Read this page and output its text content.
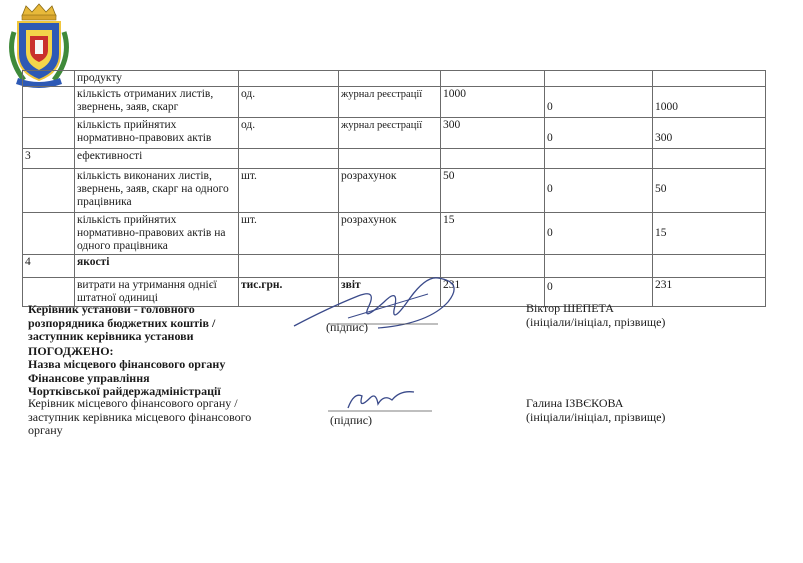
	продукту					
	кількість отриманих листів, звернень, заяв, скарг	од.	журнал реєстрації	1000	0	1000
	кількість прийнятих нормативно-правових актів	од.	журнал реєстрації	300	0	300
3	ефективності					
	кількість виконаних листів, звернень, заяв, скарг на одного працівника	шт.	розрахунок	50	0	50
	кількість прийнятих нормативно-правових актів на одного працівника	шт.	розрахунок	15	0	15
4	якості					
	витрати на утримання однієї штатної одиниці	тис.грн.	звіт	231	0	231
Керівник установи - головного
розпорядника бюджетних коштів /
заступник керівника установи
(підпис)
Віктор ШЕПЕТА
(ініціали/ініціал, прізвище)
ПОГОДЖЕНО:
Назва місцевого фінансового органу
Фінансове управління
Чортківської райдержадміністрації
Керівник місцевого фінансового органу /
заступник керівника місцевого фінансового
органу
(підпис)
Галина ІЗВЄКОВА
(ініціали/ініціал, прізвище)
